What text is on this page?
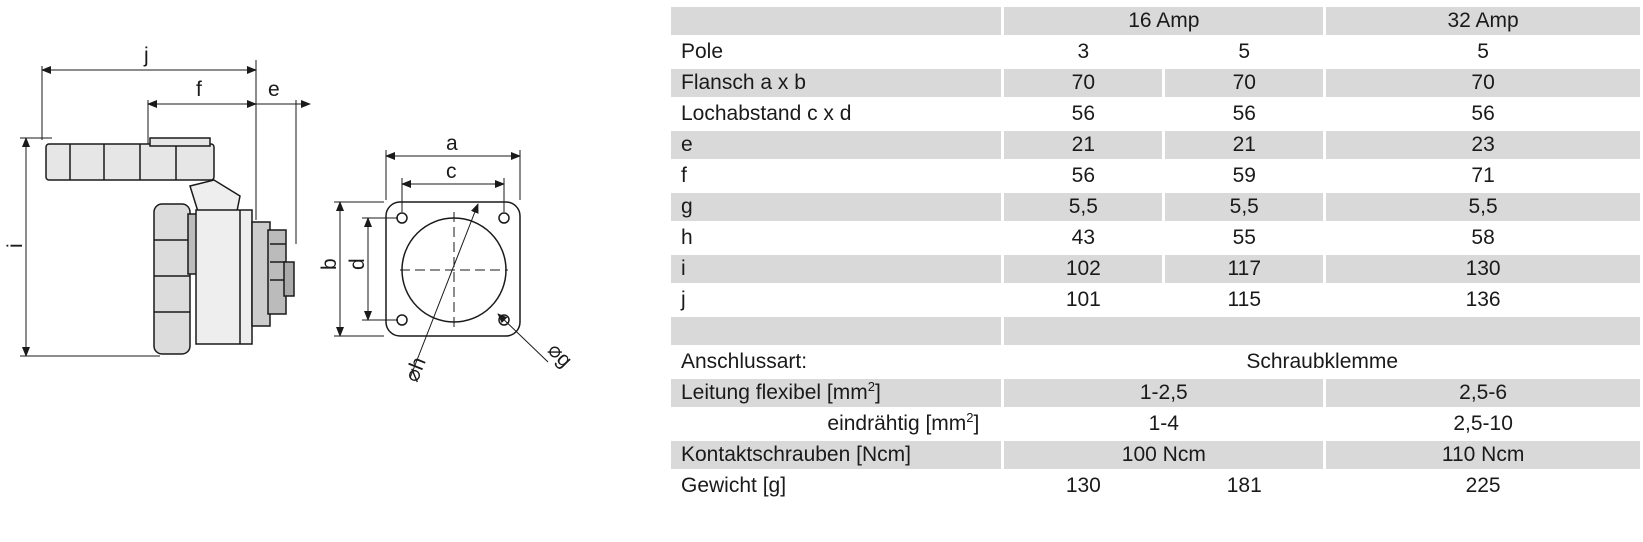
j
f	e
i
a
c
b d
⌀h	⌀g
	16 Amp		32 Amp
Pole	3	5	5
Flansch a x b	70	70	70
Lochabstand c x d	56	56	56
e	21	21	23
f	56	59	71
g	5,5	5,5	5,5
h	43	55	58
i	102	117	130
j	101	115	136

Anschlussart:	Schraubklemme		
Leitung flexibel $[mm^2]$	1-2,5		2,5-6
eindrähtig $[mm^2]$	1-4		2,5-10
Kontaktschrauben [Ncm]	100 Ncm		110 Ncm
Gewicht [g]	130	181	225
